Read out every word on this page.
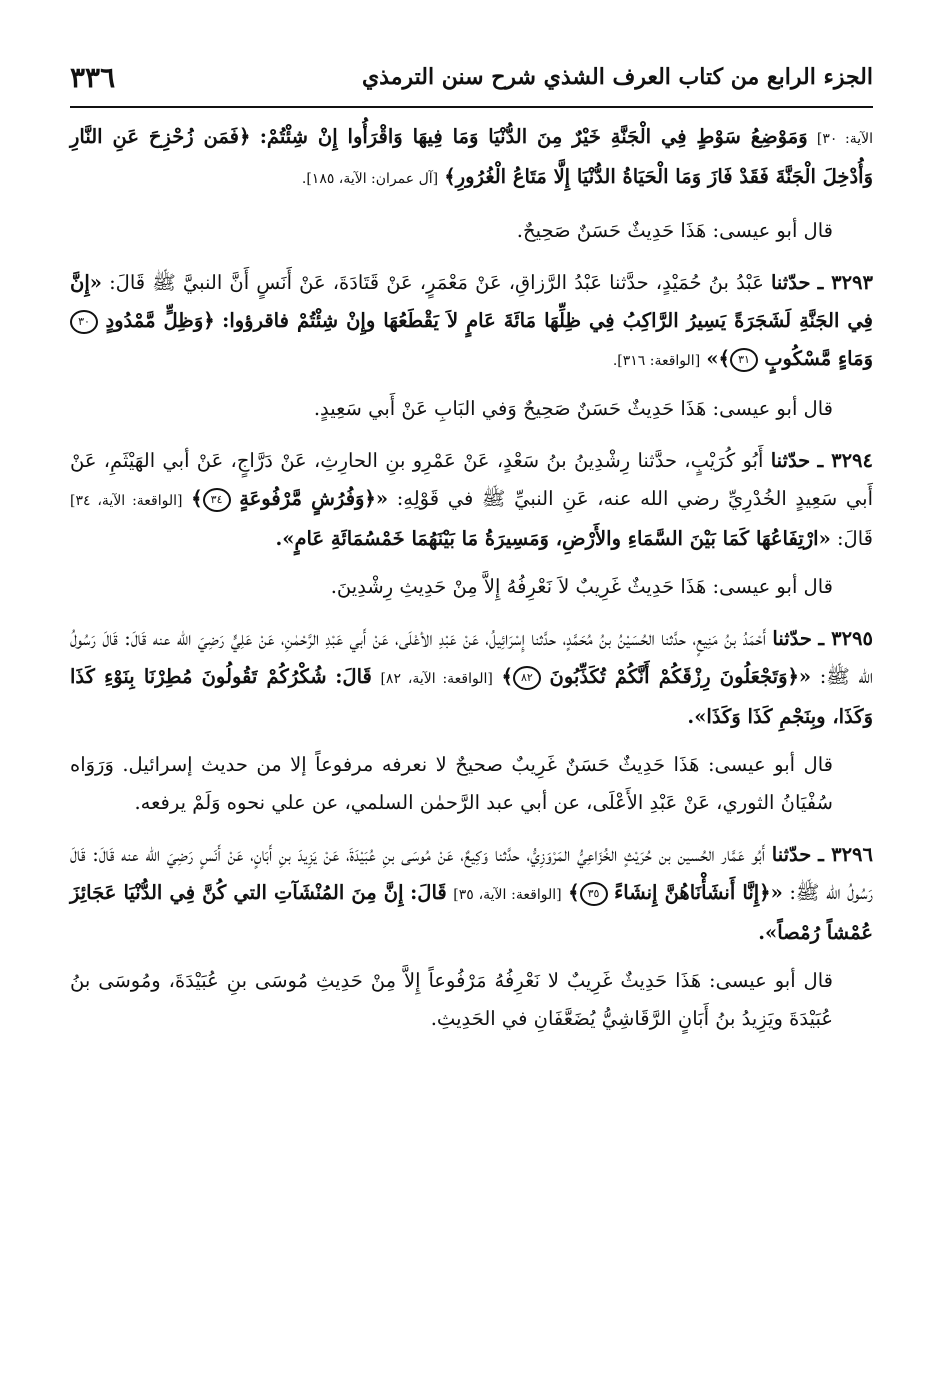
الجزء الرابع من كتاب العرف الشذي شرح سنن الترمذي
٣٣٦

الآية: ٣٠] وَمَوْضِعُ سَوْطٍ فِي الْجَنَّةِ خَيْرٌ مِنَ الدُّنْيَا وَمَا فِيهَا وَاقْرَأُوا إِنْ شِئْتُمْ: ﴿فَمَن زُحْزِحَ عَنِ النَّارِ وَأُدْخِلَ الْجَنَّةَ فَقَدْ فَازَ وَمَا الْحَيَاةُ الدُّنْيَا إِلَّا مَتَاعُ الْغُرُورِ﴾ [آل عمران: الآية، ١٨٥].

قال أبو عيسى: هَذَا حَدِيثٌ حَسَنٌ صَحِيحٌ.

٣٢٩٣ ـ حدّثنا عَبْدُ بنُ حُمَيْدٍ، حدَّثنا عَبْدُ الرَّزاقِ، عَنْ مَعْمَرٍ، عَنْ قَتَادَةَ، عَنْ أَنَسٍ أَنَّ النبيَّ ﷺ قَالَ: «إِنَّ فِي الجَنَّةِ لَشَجَرَةً يَسِيرُ الرَّاكِبُ فِي ظِلِّهَا مَائَةَ عَامٍ لاَ يَقْطَعُهَا وإِنْ شِئْتُمْ فاقرؤوا: ﴿وَظِلٍّ مَّمْدُودٍ ٣٠ وَمَاءٍ مَّسْكُوبٍ ٣١﴾» [الواقعة: ٣١٦].

قال أبو عيسى: هَذَا حَدِيثٌ حَسَنٌ صَحِيحٌ وَفي البَابِ عَنْ أَبي سَعِيدٍ.

٣٢٩٤ ـ حدّثنا أَبُو كُرَيْبٍ، حدَّثنا رِشْدِينُ بنُ سَعْدٍ، عَنْ عَمْرِو بنِ الحارِثِ، عَنْ دَرَّاجٍ، عَنْ أبي الهَيْثَمِ، عَنْ أَبي سَعِيدٍ الخُدْرِيِّ رضي الله عنه، عَنِ النبيِّ ﷺ في قَوْلِهِ: «﴿وَفُرُشٍ مَّرْفُوعَةٍ ٣٤﴾ [الواقعة: الآية، ٣٤] قَالَ: «ارْتِفَاعُهَا كَمَا بَيْنَ السَّمَاءِ والأَرْضِ، وَمَسِيرَةُ مَا بَيْنَهُمَا خَمْسُمَائَةِ عَامٍ».

قال أبو عيسى: هَذَا حَدِيثٌ غَرِيبٌ لاَ نَعْرِفُهُ إِلاَّ مِنْ حَدِيثِ رِشْدِينَ.

٣٢٩٥ ـ حدّثنا أَحْمَدُ بنُ مَنِيعٍ، حدَّثنا الحُسَيْنُ بنُ مُحَمَّدٍ، حدَّثنا إِسْرَائِيلُ، عَنْ عَبْدِ الأعْلَى، عَنْ أَبي عَبْدِ الرَّحْمٰنِ، عَنْ عَلِيٍّ رَضِيَ الله عنه قَالَ: قَالَ رَسُولُ الله ﷺ: «﴿وَتَجْعَلُونَ رِزْقَكُمْ أَنَّكُمْ تُكَذِّبُونَ ٨٢﴾ [الواقعة: الآية، ٨٢] قَالَ: شُكْرُكُمْ تَقُولُونَ مُطِرْنَا بِنَوْءِ كَذَا وَكَذَا، وبِنَجْمِ كَذَا وَكَذَا».

قال أبو عيسى: هَذَا حَدِيثٌ حَسَنٌ غَرِيبٌ صحيحٌ لا نعرفه مرفوعاً إلا من حديث إسرائيل. وَرَوَاه سُفْيَانُ الثوري، عَنْ عَبْدِ الأَعْلَى، عن أبي عبد الرَّحمٰن السلمي، عن علي نحوه وَلَمْ يرفعه.

٣٢٩٦ ـ حدّثنا أَبُو عَمَّار الحُسين بن حُرَيْثٍ الخُزَاعِيُّ المَرْوَزِيُّ، حدَّثنا وَكِيعٌ، عَنْ مُوسَى بنِ عُبَيْدَةَ، عَنْ يَزِيدَ بنِ أَبَانٍ، عَنْ أَنَسٍ رَضِيَ الله عنه قَالَ: قَالَ رَسُولُ الله ﷺ: «﴿إِنَّا أَنشَأْنَاهُنَّ إِنشَاءً ٣٥﴾ [الواقعة: الآية، ٣٥] قَالَ: إِنَّ مِنَ المُنْشَآتِ التي كُنَّ فِي الدُّنْيَا عَجَائِزَ عُمْشاً رُمْصاً».

قال أبو عيسى: هَذَا حَدِيثٌ غَرِيبٌ لا نَعْرِفُهُ مَرْفُوعاً إِلاَّ مِنْ حَدِيثِ مُوسَى بنِ عُبَيْدَةَ، ومُوسَى بنُ عُبَيْدَةَ ويَزِيدُ بنُ أَبَانٍ الرَّقَاشِيُّ يُضَعَّفَانِ في الحَدِيثِ.
